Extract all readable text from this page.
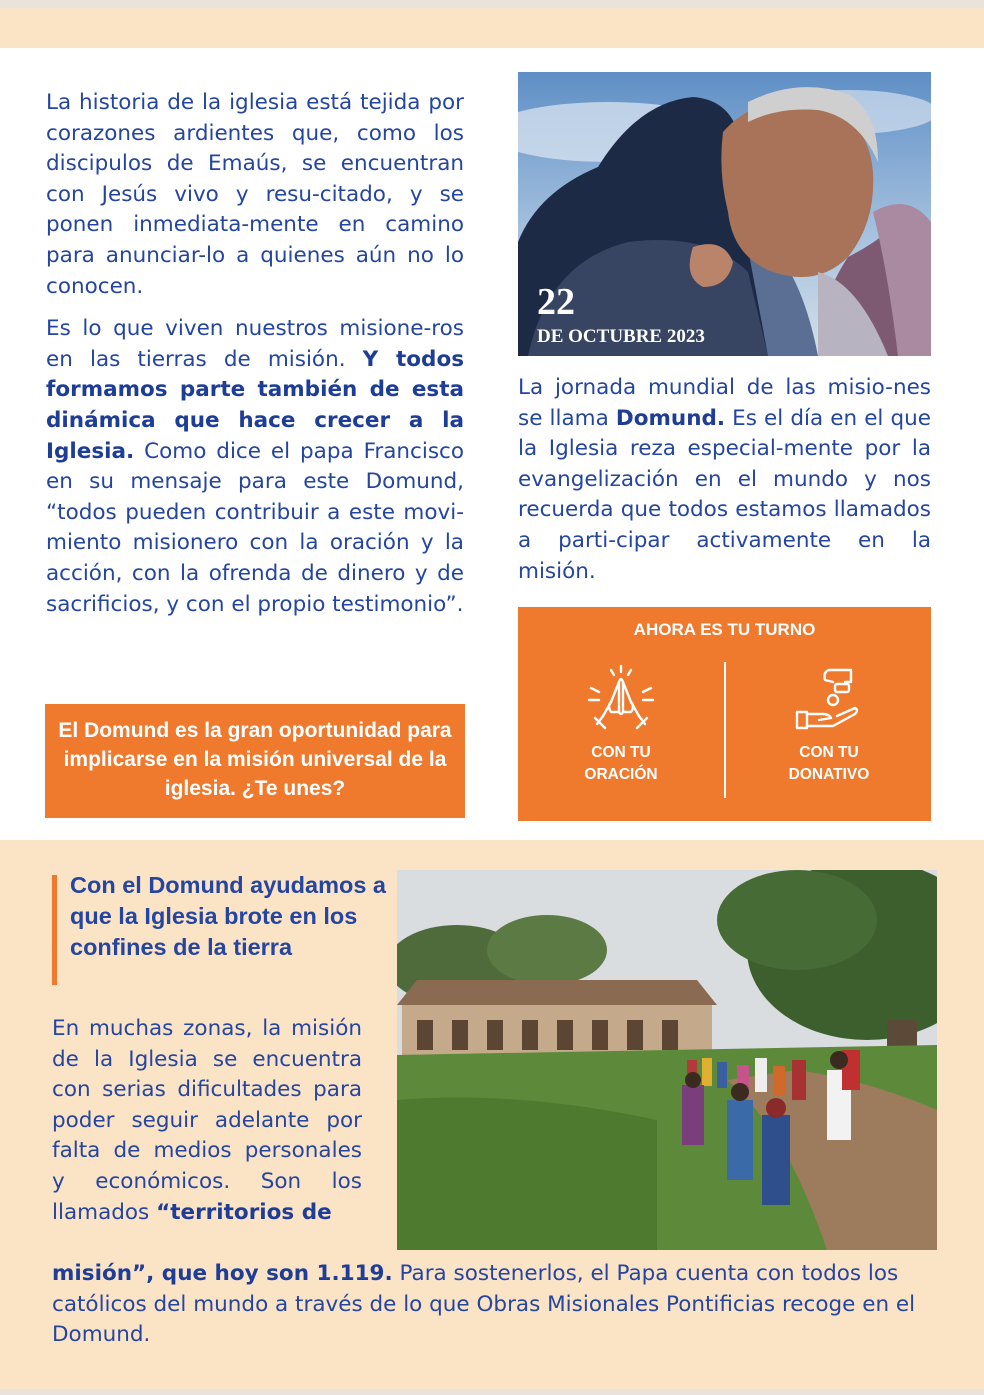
La historia de la iglesia está tejida por corazones ardientes que, como los discipulos de Emaús, se encuentran con Jesús vivo y resu-citado, y se ponen inmediata-mente en camino para anunciar-lo a quienes aún no lo conocen.

Es lo que viven nuestros misione-ros en las tierras de misión. Y todos formamos parte también de esta dinámica que hace crecer a la Iglesia. Como dice el papa Francisco en su mensaje para este Domund, “todos pueden contribuir a este movi-miento misionero con la oración y la acción, con la ofrenda de dinero y de sacrificios, y con el propio testimonio”.

El Domund es la gran oportunidad para implicarse en la misión universal de la iglesia. ¿Te unes?
22
DE OCTUBRE 2023

La jornada mundial de las misio-nes se llama Domund. Es el día en el que la Iglesia reza especial-mente por la evangelización en el mundo y nos recuerda que todos estamos llamados a parti-cipar activamente en la misión.

AHORA ES TU TURNO
CON TU
ORACIÓN
CON TU
DONATIVO
Con el Domund ayudamos a que la Iglesia brote en los confines de la tierra

En muchas zonas, la misión de la Iglesia se encuentra con serias dificultades para poder seguir adelante por falta de medios personales y económicos. Son los llamados “territorios de

misión”, que hoy son 1.119. Para sostenerlos, el Papa cuenta con todos los católicos del mundo a través de lo que Obras Misionales Pontificias recoge en el Domund.
